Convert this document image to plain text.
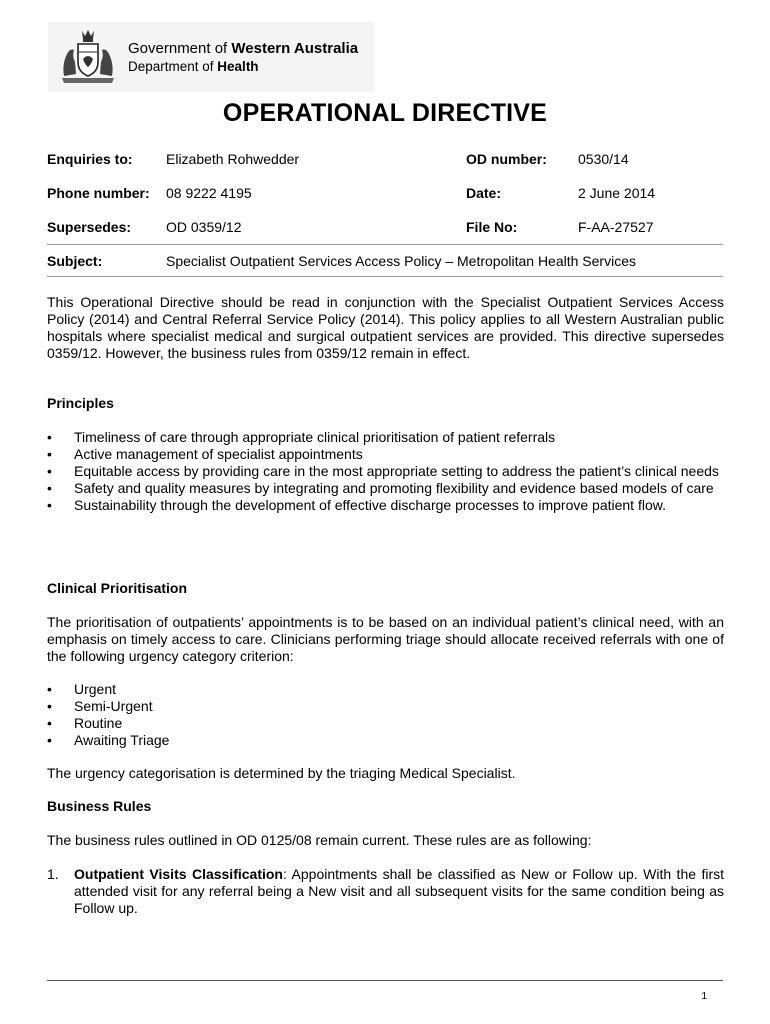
Government of Western Australia
Department of Health
OPERATIONAL DIRECTIVE
Enquiries to: Elizabeth Rohwedder	OD number: 0530/14
Phone number: 08 9222 4195	Date:	2 June 2014
Supersedes: OD 0359/12	File No:	F-AA-27527
Subject:	Specialist Outpatient Services Access Policy – Metropolitan Health Services

This Operational Directive should be read in conjunction with the Specialist Outpatient Services Access Policy (2014) and Central Referral Service Policy (2014). This policy applies to all Western Australian public hospitals where specialist medical and surgical outpatient services are provided. This directive supersedes 0359/12. However, the business rules from 0359/12 remain in effect.

Principles
• Timeliness of care through appropriate clinical prioritisation of patient referrals
• Active management of specialist appointments
• Equitable access by providing care in the most appropriate setting to address the patient’s clinical needs
• Safety and quality measures by integrating and promoting flexibility and evidence based models of care
• Sustainability through the development of effective discharge processes to improve patient flow.
Clinical Prioritisation

The prioritisation of outpatients’ appointments is to be based on an individual patient’s clinical need, with an emphasis on timely access to care. Clinicians performing triage should allocate received referrals with one of the following urgency category criterion:

• Urgent
• Semi-Urgent
• Routine
• Awaiting Triage

The urgency categorisation is determined by the triaging Medical Specialist.

Business Rules

The business rules outlined in OD 0125/08 remain current. These rules are as following:

1.	Outpatient Visits Classification: Appointments shall be classified as New or Follow up. With the first attended visit for any referral being a New visit and all subsequent visits for the same condition being as Follow up.
1
